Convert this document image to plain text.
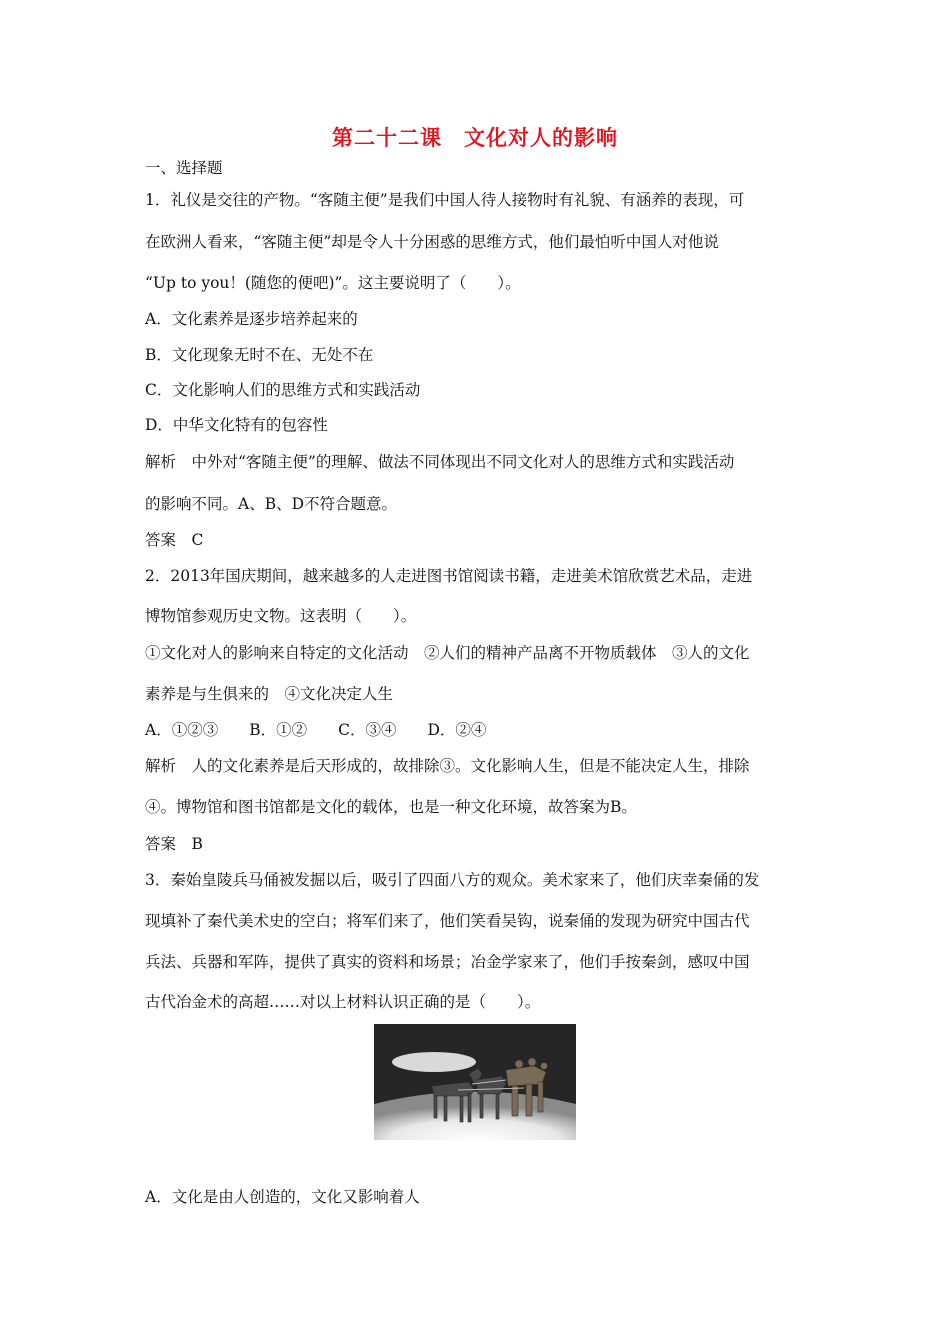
第二十二课　文化对人的影响
一、选择题
1．礼仪是交往的产物。“客随主便”是我们中国人待人接物时有礼貌、有涵养的表现，可
在欧洲人看来，“客随主便”却是令人十分困惑的思维方式，他们最怕听中国人对他说
“Up to you！(随您的便吧)”。这主要说明了（　　）。
A．文化素养是逐步培养起来的
B．文化现象无时不在、无处不在
C．文化影响人们的思维方式和实践活动
D．中华文化特有的包容性
解析　中外对“客随主便”的理解、做法不同体现出不同文化对人的思维方式和实践活动
的影响不同。A、B、D不符合题意。
答案　C
2．2013年国庆期间，越来越多的人走进图书馆阅读书籍，走进美术馆欣赏艺术品，走进
博物馆参观历史文物。这表明（　　）。
①文化对人的影响来自特定的文化活动　②人们的精神产品离不开物质载体　③人的文化
素养是与生俱来的　④文化决定人生
A．①②③　　B．①②　　C．③④　　D．②④
解析　人的文化素养是后天形成的，故排除③。文化影响人生，但是不能决定人生，排除
④。博物馆和图书馆都是文化的载体，也是一种文化环境，故答案为B。
答案　B
3．秦始皇陵兵马俑被发掘以后，吸引了四面八方的观众。美术家来了，他们庆幸秦俑的发
现填补了秦代美术史的空白；将军们来了，他们笑看吴钩，说秦俑的发现为研究中国古代
兵法、兵器和军阵，提供了真实的资料和场景；冶金学家来了，他们手按秦剑，感叹中国
古代冶金术的高超……对以上材料认识正确的是（　　）。
A．文化是由人创造的，文化又影响着人
